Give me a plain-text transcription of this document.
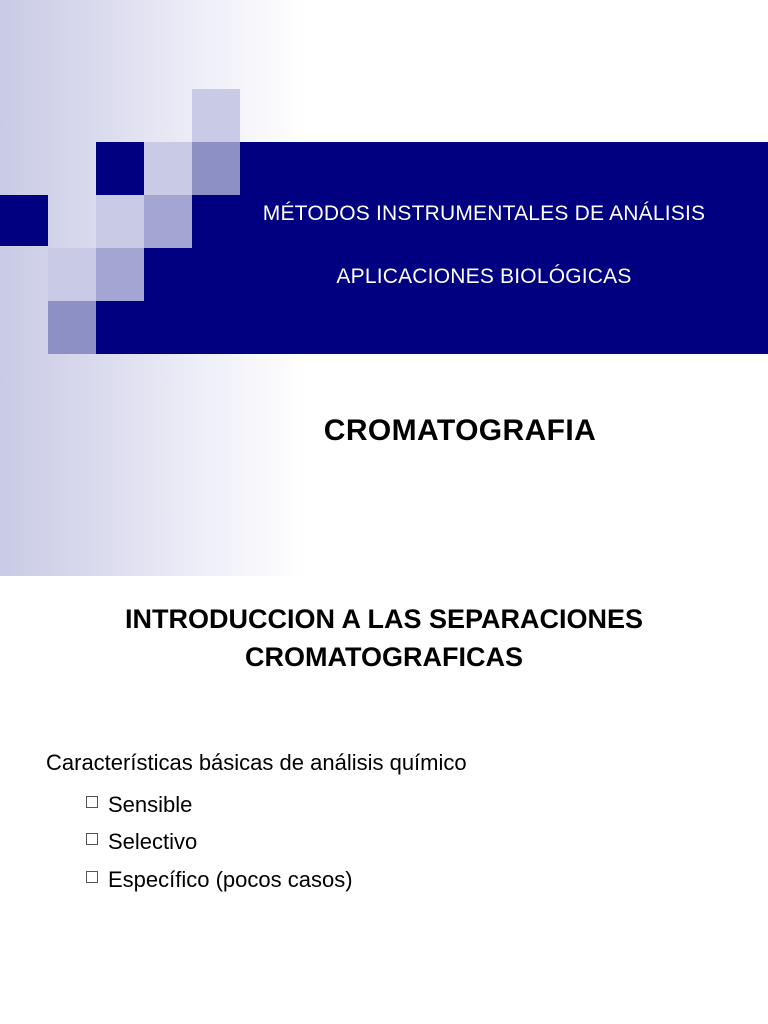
MÉTODOS INSTRUMENTALES DE ANÁLISIS
APLICACIONES BIOLÓGICAS
CROMATOGRAFIA
INTRODUCCION A LAS SEPARACIONES
CROMATOGRAFICAS
Características básicas de análisis químico
Sensible
Selectivo
Específico (pocos casos)
